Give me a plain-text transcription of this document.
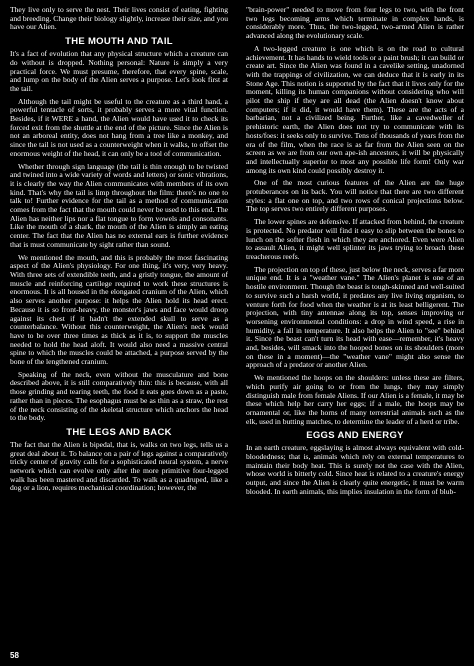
They live only to serve the nest. Their lives consist of eating, fighting and breeding. Change their biology slightly, increase their size, and you have our Alien.

THE MOUTH AND TAIL

It's a fact of evolution that any physical structure which a creature can do without is dropped. Nothing personal: Nature is simply a very practical force. We must presume, therefore, that every spine, scale, and lump on the body of the Alien serves a purpose. Let's look first at the tail.

Although the tail might be useful to the creature as a third hand, a powerful tentacle of sorts, it probably serves a more vital function. Besides, if it WERE a hand, the Alien would have used it to check its forced exit from the shuttle at the end of the picture. Since the Alien is not an arboreal entity, does not hang from a tree like a monkey, and since the tail is not used as a counterweight when it walks, to offset the enormous weight of the head, it can only be a tool of communication.

Whether through sign language (the tail is thin enough to be twisted and twined into a wide variety of words and letters) or sonic vibrations, it is clearly the way the Alien communicates with members of its own kind. That's why the tail is limp throughout the film: there's no one to talk to! Further evidence for the tail as a method of communication comes from the fact that the mouth could never be used to this end. The Alien has neither lips nor a flat tongue to form vowels and consonants. Like the mouth of a shark, the mouth of the Alien is simply an eating center. The fact that the Alien has no external ears is further evidence that is must communicate by sight rather than sound.

We mentioned the mouth, and this is probably the most fascinating aspect of the Alien's physiology. For one thing, it's very, very heavy. With three sets of extendible teeth, and a gristly tongue, the amount of muscle and reinforcing cartilege required to work these structures is enormous. It is all housed in the elongated cranium of the Alien, which also serves another purpose: it helps the Alien hold its head erect. Because it is so front-heavy, the monster's jaws and face would droop against its chest if it hadn't the extended skull to serve as a counterbalance. Without this counterweight, the Alien's neck would have to be over three times as thick as it is, to support the muscles needed to hold the head aloft. It would also need a massive central spine to which the muscles could be attached, a purpose served by the bone of the lengthened cranium.

Speaking of the neck, even without the musculature and bone described above, it is still comparatively thin: this is because, with all those grinding and tearing teeth, the food it eats goes down as a paste, rather than in pieces. The esophagus must be as thin as a straw, the rest of the neck consisting of the skeletal structure which anchors the head to the body.

THE LEGS AND BACK

The fact that the Alien is bipedal, that is, walks on two legs, tells us a great deal about it. To balance on a pair of legs against a comparatively tricky center of gravity calls for a sophisticated neural system, a nerve network which can evolve only after the more primitive four-legged walk has been mastered and discarded. To walk as a quadruped, like a dog or a lion, requires mechanical coordination; however, the

"brain-power" needed to move from four legs to two, with the front two legs becoming arms which terminate in complex hands, is considerably more. Thus, the two-legged, two-armed Alien is rather advanced along the evolutionary scale.

A two-legged creature is one which is on the road to cultural achievement. It has hands to wield tools or a paint brush; it can build or create art. Since the Alien was found in a cavelike setting, unadorned with the trappings of civilization, we can deduce that it is early in its Stone Age. This notion is supported by the fact that it lives only for the moment, killing its human companions without considering who will pilot the ship if they are all dead (the Alien doesn't know about computers; if it did, it would have them). These are the acts of a barbarian, not a civilized being. Further, like a cavedweller of prehistoric earth, the Alien does not try to communicate with its hosts/foes: it seeks only to survive. Tens of thousands of years from the era of the film, when the race is as far from the Alien seen on the screen as we are from our own ape-ish ancestors, it will be physically and intellectually superior to most any possible life form! Only war among its own kind could possibly destroy it.

One of the most curious features of the Alien are the huge protuberances on its back. You will notice that there are two different styles: a flat one on top, and two rows of conical projections below. The top serves two entirely different purposes.

The lower spines are defensive. If attacked from behind, the creature is protected. No predator will find it easy to slip between the bones to lunch on the softer flesh in which they are anchored. Even were Alien to assault Alien, it might well splinter its jaws trying to broach these treacherous reefs.

The projection on top of these, just below the neck, serves a far more unique end. It is a "weather vane." The Alien's planet is one of an hostile environment. Though the beast is tough-skinned and well-suited to survive such a harsh world, it predates any live living organism, to venture forth for food when the weather is at its least belligerent. The projection, with tiny antennae along its top, senses improving or worsening environmental conditions: a drop in wind speed, a rise in humidity, a fall in temperature. It also helps the Alien to "see" behind it. Since the beast can't turn its head with ease—remember, it's heavy and, besides, will smack into the hooped bones on its shoulders (more on these in a moment)—the "weather vane" might also sense the approach of a predator or another Alien.

We mentioned the hoops on the shoulders: unless these are filters, which purify air going to or from the lungs, they may simply distinguish male from female Aliens. If our Alien is a female, it may be these which help her carry her eggs; if a male, the hoops may be ornamental or, like the horns of many terrestrial animals such as the elk, used in butting matches, to determine the leader of a herd or tribe.

EGGS AND ENERGY

In an earth creature, eggslaying is almost always equivalent with cold-bloodedness; that is, animals which rely on external temperatures to maintain their body heat. This is surely not the case with the Alien, whose world is bitterly cold. Since heat is related to a creature's energy output, and since the Alien is clearly quite energetic, it must be warm blooded. In earth animals, this implies insulation in the form of blub-

58
